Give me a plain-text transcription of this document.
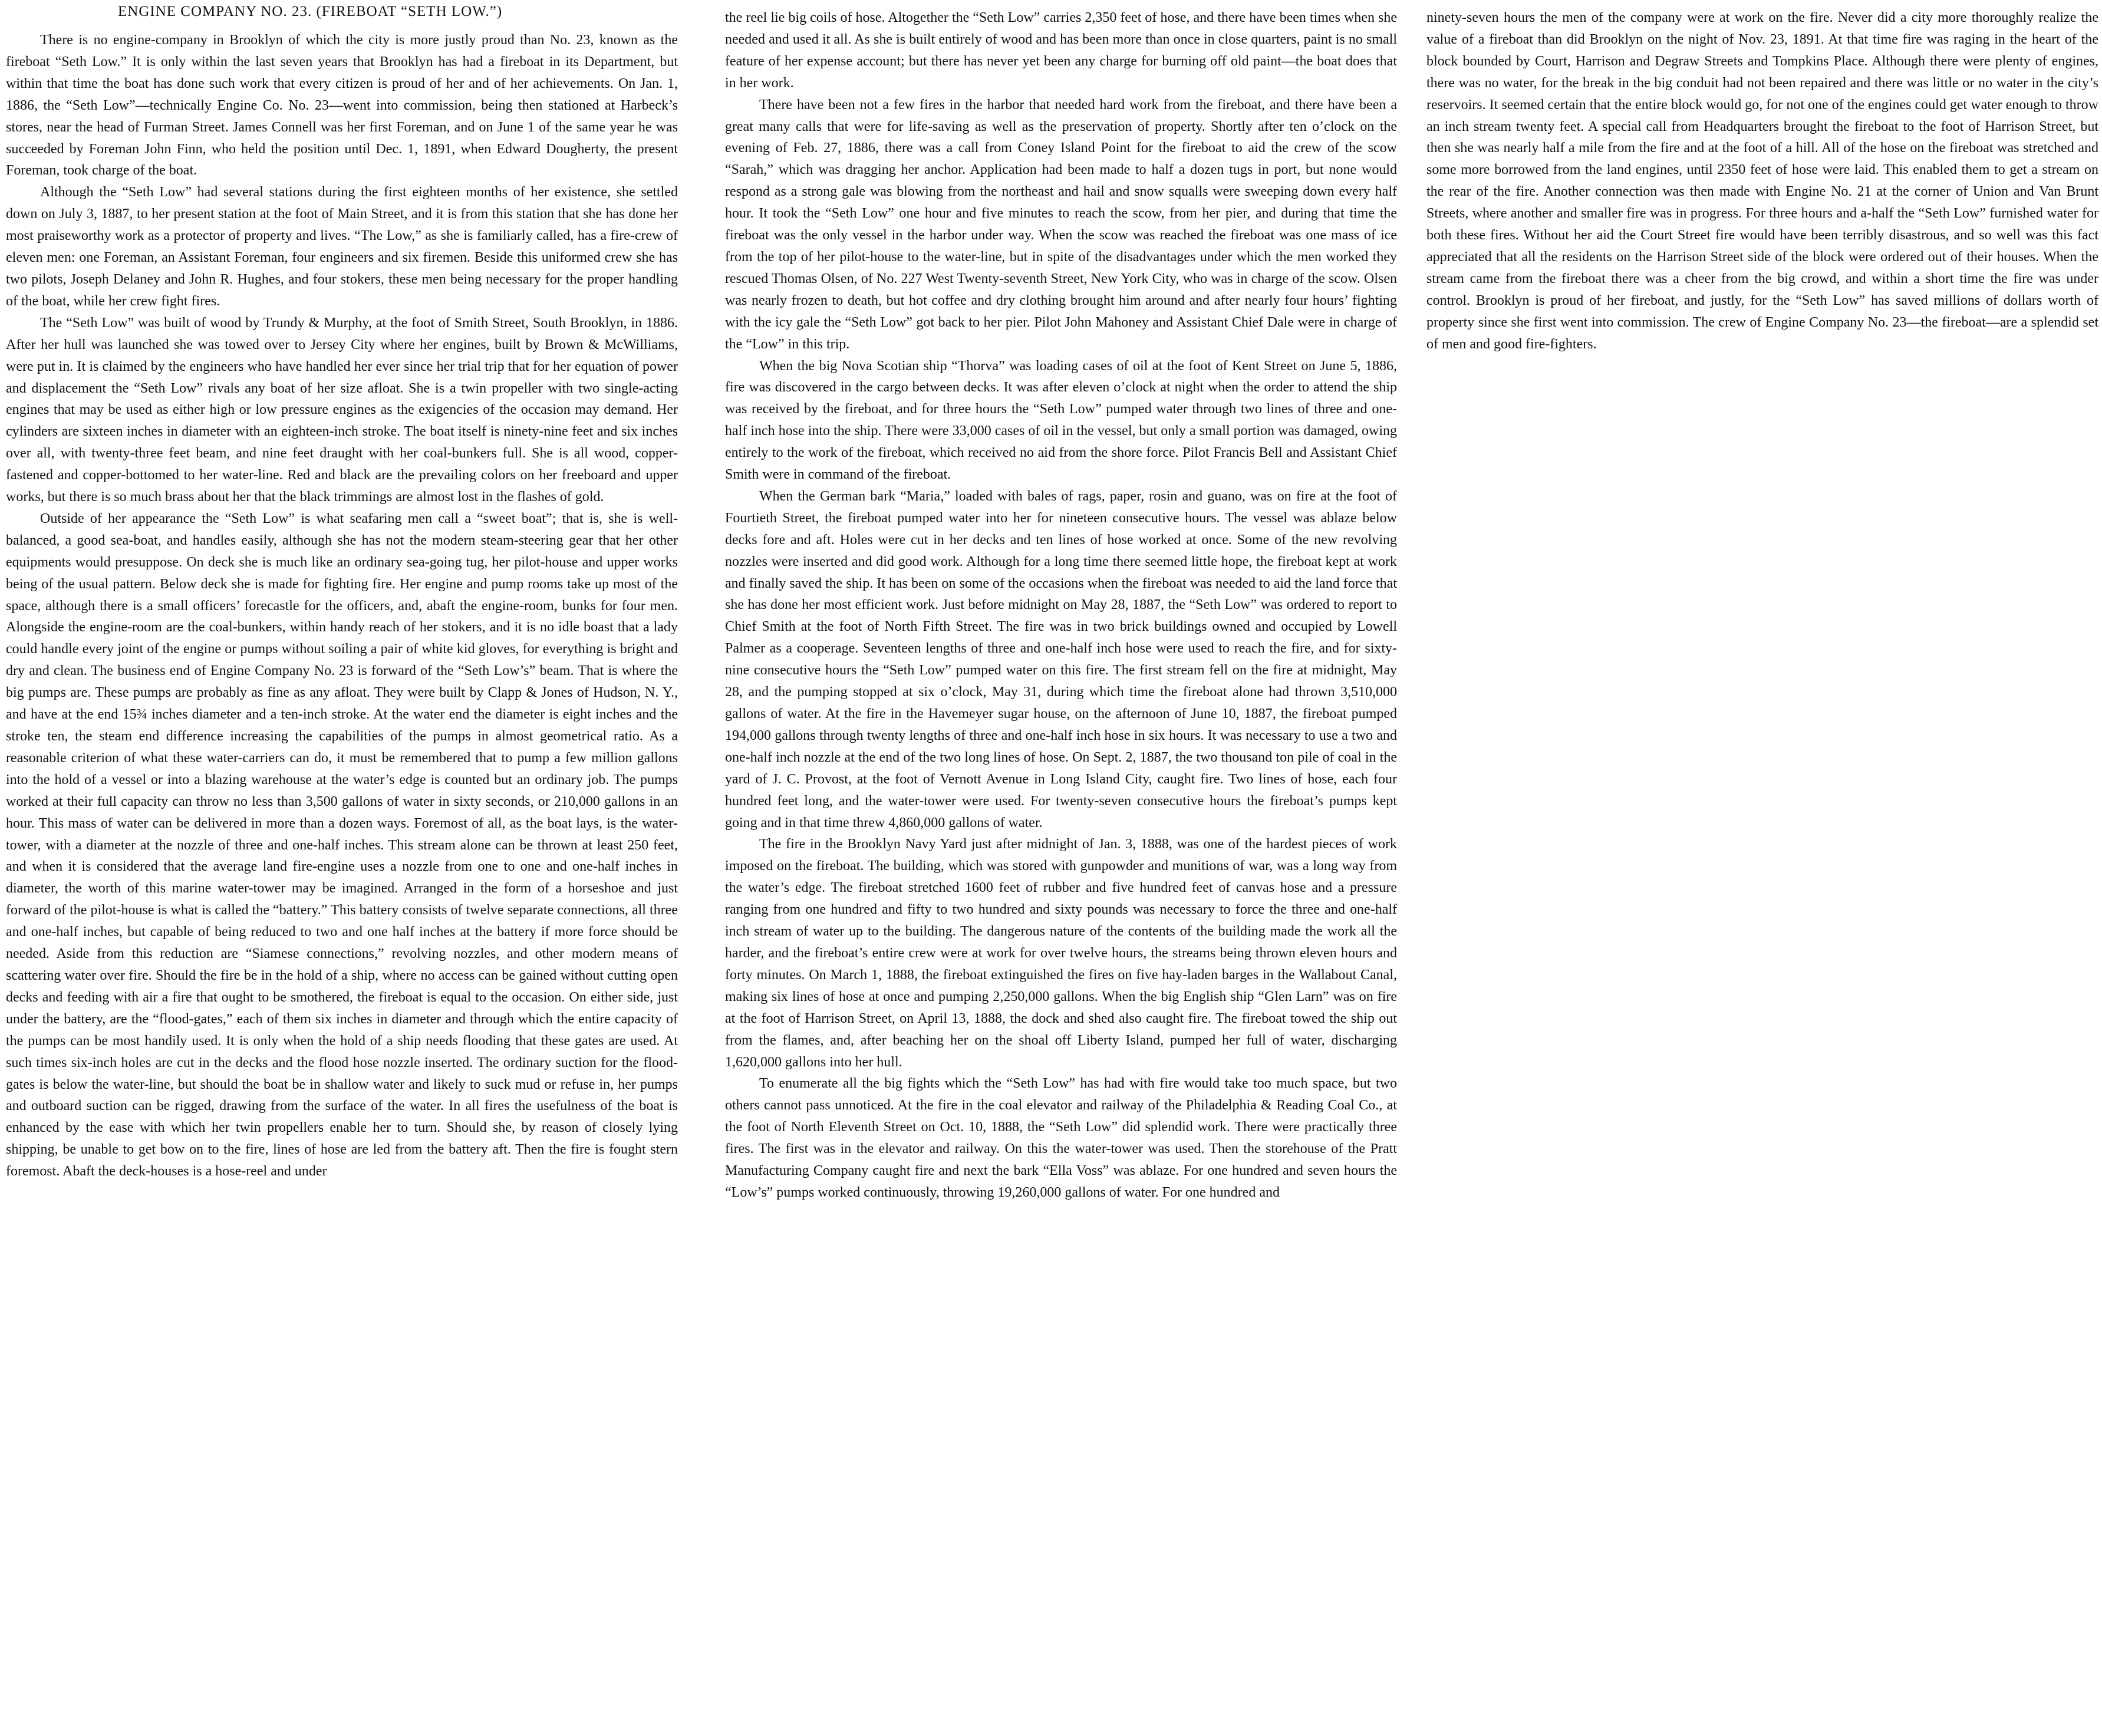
ENGINE COMPANY NO. 23. (FIREBOAT “SETH LOW.”)

There is no engine-company in Brooklyn of which the city is more justly proud than No. 23, known as the fireboat “Seth Low.” It is only within the last seven years that Brooklyn has had a fireboat in its Department, but within that time the boat has done such work that every citizen is proud of her and of her achievements. On Jan. 1, 1886, the “Seth Low”—technically Engine Co. No. 23—went into commission, being then stationed at Harbeck’s stores, near the head of Furman Street. James Connell was her first Foreman, and on June 1 of the same year he was succeeded by Foreman John Finn, who held the position until Dec. 1, 1891, when Edward Dougherty, the present Foreman, took charge of the boat.

Although the “Seth Low” had several stations during the first eighteen months of her existence, she settled down on July 3, 1887, to her present station at the foot of Main Street, and it is from this station that she has done her most praiseworthy work as a protector of property and lives. “The Low,” as she is familiarly called, has a fire-crew of eleven men: one Foreman, an Assistant Foreman, four engineers and six firemen. Beside this uniformed crew she has two pilots, Joseph Delaney and John R. Hughes, and four stokers, these men being necessary for the proper handling of the boat, while her crew fight fires.

The “Seth Low” was built of wood by Trundy & Murphy, at the foot of Smith Street, South Brooklyn, in 1886. After her hull was launched she was towed over to Jersey City where her engines, built by Brown & McWilliams, were put in. It is claimed by the engineers who have handled her ever since her trial trip that for her equation of power and displacement the “Seth Low” rivals any boat of her size afloat. She is a twin propeller with two single-acting engines that may be used as either high or low pressure engines as the exigencies of the occasion may demand. Her cylinders are sixteen inches in diameter with an eighteen-inch stroke. The boat itself is ninety-nine feet and six inches over all, with twenty-three feet beam, and nine feet draught with her coal-bunkers full. She is all wood, copper-fastened and copper-bottomed to her water-line. Red and black are the prevailing colors on her freeboard and upper works, but there is so much brass about her that the black trimmings are almost lost in the flashes of gold.

Outside of her appearance the “Seth Low” is what seafaring men call a “sweet boat”; that is, she is well-balanced, a good sea-boat, and handles easily, although she has not the modern steam-steering gear that her other equipments would presuppose. On deck she is much like an ordinary sea-going tug, her pilot-house and upper works being of the usual pattern. Below deck she is made for fighting fire. Her engine and pump rooms take up most of the space, although there is a small officers’ forecastle for the officers, and, abaft the engine-room, bunks for four men. Alongside the engine-room are the coal-bunkers, within handy reach of her stokers, and it is no idle boast that a lady could handle every joint of the engine or pumps without soiling a pair of white kid gloves, for everything is bright and dry and clean. The business end of Engine Company No. 23 is forward of the “Seth Low’s” beam. That is where the big pumps are. These pumps are probably as fine as any afloat. They were built by Clapp & Jones of Hudson, N. Y., and have at the end 15¾ inches diameter and a ten-inch stroke. At the water end the diameter is eight inches and the stroke ten, the steam end difference increasing the capabilities of the pumps in almost geometrical ratio. As a reasonable criterion of what these water-carriers can do, it must be remembered that to pump a few million gallons into the hold of a vessel or into a blazing warehouse at the water’s edge is counted but an ordinary job. The pumps worked at their full capacity can throw no less than 3,500 gallons of water in sixty seconds, or 210,000 gallons in an hour. This mass of water can be delivered in more than a dozen ways. Foremost of all, as the boat lays, is the water-tower, with a diameter at the nozzle of three and one-half inches. This stream alone can be thrown at least 250 feet, and when it is considered that the average land fire-engine uses a nozzle from one to one and one-half inches in diameter, the worth of this marine water-tower may be imagined. Arranged in the form of a horseshoe and just forward of the pilot-house is what is called the “battery.” This battery consists of twelve separate connections, all three and one-half inches, but capable of being reduced to two and one half inches at the battery if more force should be needed. Aside from this reduction are “Siamese connections,” revolving nozzles, and other modern means of scattering water over fire. Should the fire be in the hold of a ship, where no access can be gained without cutting open decks and feeding with air a fire that ought to be smothered, the fireboat is equal to the occasion. On either side, just under the battery, are the “flood-gates,” each of them six inches in diameter and through which the entire capacity of the pumps can be most handily used. It is only when the hold of a ship needs flooding that these gates are used. At such times six-inch holes are cut in the decks and the flood hose nozzle inserted. The ordinary suction for the flood-gates is below the water-line, but should the boat be in shallow water and likely to suck mud or refuse in, her pumps and outboard suction can be rigged, drawing from the surface of the water. In all fires the usefulness of the boat is enhanced by the ease with which her twin propellers enable her to turn. Should she, by reason of closely lying shipping, be unable to get bow on to the fire, lines of hose are led from the battery aft. Then the fire is fought stern foremost. Abaft the deck-houses is a hose-reel and under

the reel lie big coils of hose. Altogether the “Seth Low” carries 2,350 feet of hose, and there have been times when she needed and used it all. As she is built entirely of wood and has been more than once in close quarters, paint is no small feature of her expense account; but there has never yet been any charge for burning off old paint—the boat does that in her work.

There have been not a few fires in the harbor that needed hard work from the fireboat, and there have been a great many calls that were for life-saving as well as the preservation of property. Shortly after ten o’clock on the evening of Feb. 27, 1886, there was a call from Coney Island Point for the fireboat to aid the crew of the scow “Sarah,” which was dragging her anchor. Application had been made to half a dozen tugs in port, but none would respond as a strong gale was blowing from the northeast and hail and snow squalls were sweeping down every half hour. It took the “Seth Low” one hour and five minutes to reach the scow, from her pier, and during that time the fireboat was the only vessel in the harbor under way. When the scow was reached the fireboat was one mass of ice from the top of her pilot-house to the water-line, but in spite of the disadvantages under which the men worked they rescued Thomas Olsen, of No. 227 West Twenty-seventh Street, New York City, who was in charge of the scow. Olsen was nearly frozen to death, but hot coffee and dry clothing brought him around and after nearly four hours’ fighting with the icy gale the “Seth Low” got back to her pier. Pilot John Mahoney and Assistant Chief Dale were in charge of the “Low” in this trip.

When the big Nova Scotian ship “Thorva” was loading cases of oil at the foot of Kent Street on June 5, 1886, fire was discovered in the cargo between decks. It was after eleven o’clock at night when the order to attend the ship was received by the fireboat, and for three hours the “Seth Low” pumped water through two lines of three and one-half inch hose into the ship. There were 33,000 cases of oil in the vessel, but only a small portion was damaged, owing entirely to the work of the fireboat, which received no aid from the shore force. Pilot Francis Bell and Assistant Chief Smith were in command of the fireboat.

When the German bark “Maria,” loaded with bales of rags, paper, rosin and guano, was on fire at the foot of Fourtieth Street, the fireboat pumped water into her for nineteen consecutive hours. The vessel was ablaze below decks fore and aft. Holes were cut in her decks and ten lines of hose worked at once. Some of the new revolving nozzles were inserted and did good work. Although for a long time there seemed little hope, the fireboat kept at work and finally saved the ship. It has been on some of the occasions when the fireboat was needed to aid the land force that she has done her most efficient work. Just before midnight on May 28, 1887, the “Seth Low” was ordered to report to Chief Smith at the foot of North Fifth Street. The fire was in two brick buildings owned and occupied by Lowell Palmer as a cooperage. Seventeen lengths of three and one-half inch hose were used to reach the fire, and for sixty-nine consecutive hours the “Seth Low” pumped water on this fire. The first stream fell on the fire at midnight, May 28, and the pumping stopped at six o’clock, May 31, during which time the fireboat alone had thrown 3,510,000 gallons of water. At the fire in the Havemeyer sugar house, on the afternoon of June 10, 1887, the fireboat pumped 194,000 gallons through twenty lengths of three and one-half inch hose in six hours. It was necessary to use a two and one-half inch nozzle at the end of the two long lines of hose. On Sept. 2, 1887, the two thousand ton pile of coal in the yard of J. C. Provost, at the foot of Vernott Avenue in Long Island City, caught fire. Two lines of hose, each four hundred feet long, and the water-tower were used. For twenty-seven consecutive hours the fireboat’s pumps kept going and in that time threw 4,860,000 gallons of water.

The fire in the Brooklyn Navy Yard just after midnight of Jan. 3, 1888, was one of the hardest pieces of work imposed on the fireboat. The building, which was stored with gunpowder and munitions of war, was a long way from the water’s edge. The fireboat stretched 1600 feet of rubber and five hundred feet of canvas hose and a pressure ranging from one hundred and fifty to two hundred and sixty pounds was necessary to force the three and one-half inch stream of water up to the building. The dangerous nature of the contents of the building made the work all the harder, and the fireboat’s entire crew were at work for over twelve hours, the streams being thrown eleven hours and forty minutes. On March 1, 1888, the fireboat extinguished the fires on five hay-laden barges in the Wallabout Canal, making six lines of hose at once and pumping 2,250,000 gallons. When the big English ship “Glen Larn” was on fire at the foot of Harrison Street, on April 13, 1888, the dock and shed also caught fire. The fireboat towed the ship out from the flames, and, after beaching her on the shoal off Liberty Island, pumped her full of water, discharging 1,620,000 gallons into her hull.

To enumerate all the big fights which the “Seth Low” has had with fire would take too much space, but two others cannot pass unnoticed. At the fire in the coal elevator and railway of the Philadelphia & Reading Coal Co., at the foot of North Eleventh Street on Oct. 10, 1888, the “Seth Low” did splendid work. There were practically three fires. The first was in the elevator and railway. On this the water-tower was used. Then the storehouse of the Pratt Manufacturing Company caught fire and next the bark “Ella Voss” was ablaze. For one hundred and seven hours the “Low’s” pumps worked continuously, throwing 19,260,000 gallons of water. For one hundred and

ninety-seven hours the men of the company were at work on the fire. Never did a city more thoroughly realize the value of a fireboat than did Brooklyn on the night of Nov. 23, 1891. At that time fire was raging in the heart of the block bounded by Court, Harrison and Degraw Streets and Tompkins Place. Although there were plenty of engines, there was no water, for the break in the big conduit had not been repaired and there was little or no water in the city’s reservoirs. It seemed certain that the entire block would go, for not one of the engines could get water enough to throw an inch stream twenty feet. A special call from Headquarters brought the fireboat to the foot of Harrison Street, but then she was nearly half a mile from the fire and at the foot of a hill. All of the hose on the fireboat was stretched and some more borrowed from the land engines, until 2350 feet of hose were laid. This enabled them to get a stream on the rear of the fire. Another connection was then made with Engine No. 21 at the corner of Union and Van Brunt Streets, where another and smaller fire was in progress. For three hours and a-half the “Seth Low” furnished water for both these fires. Without her aid the Court Street fire would have been terribly disastrous, and so well was this fact appreciated that all the residents on the Harrison Street side of the block were ordered out of their houses. When the stream came from the fireboat there was a cheer from the big crowd, and within a short time the fire was under control. Brooklyn is proud of her fireboat, and justly, for the “Seth Low” has saved millions of dollars worth of property since she first went into commission. The crew of Engine Company No. 23—the fireboat—are a splendid set of men and good fire-fighters.
